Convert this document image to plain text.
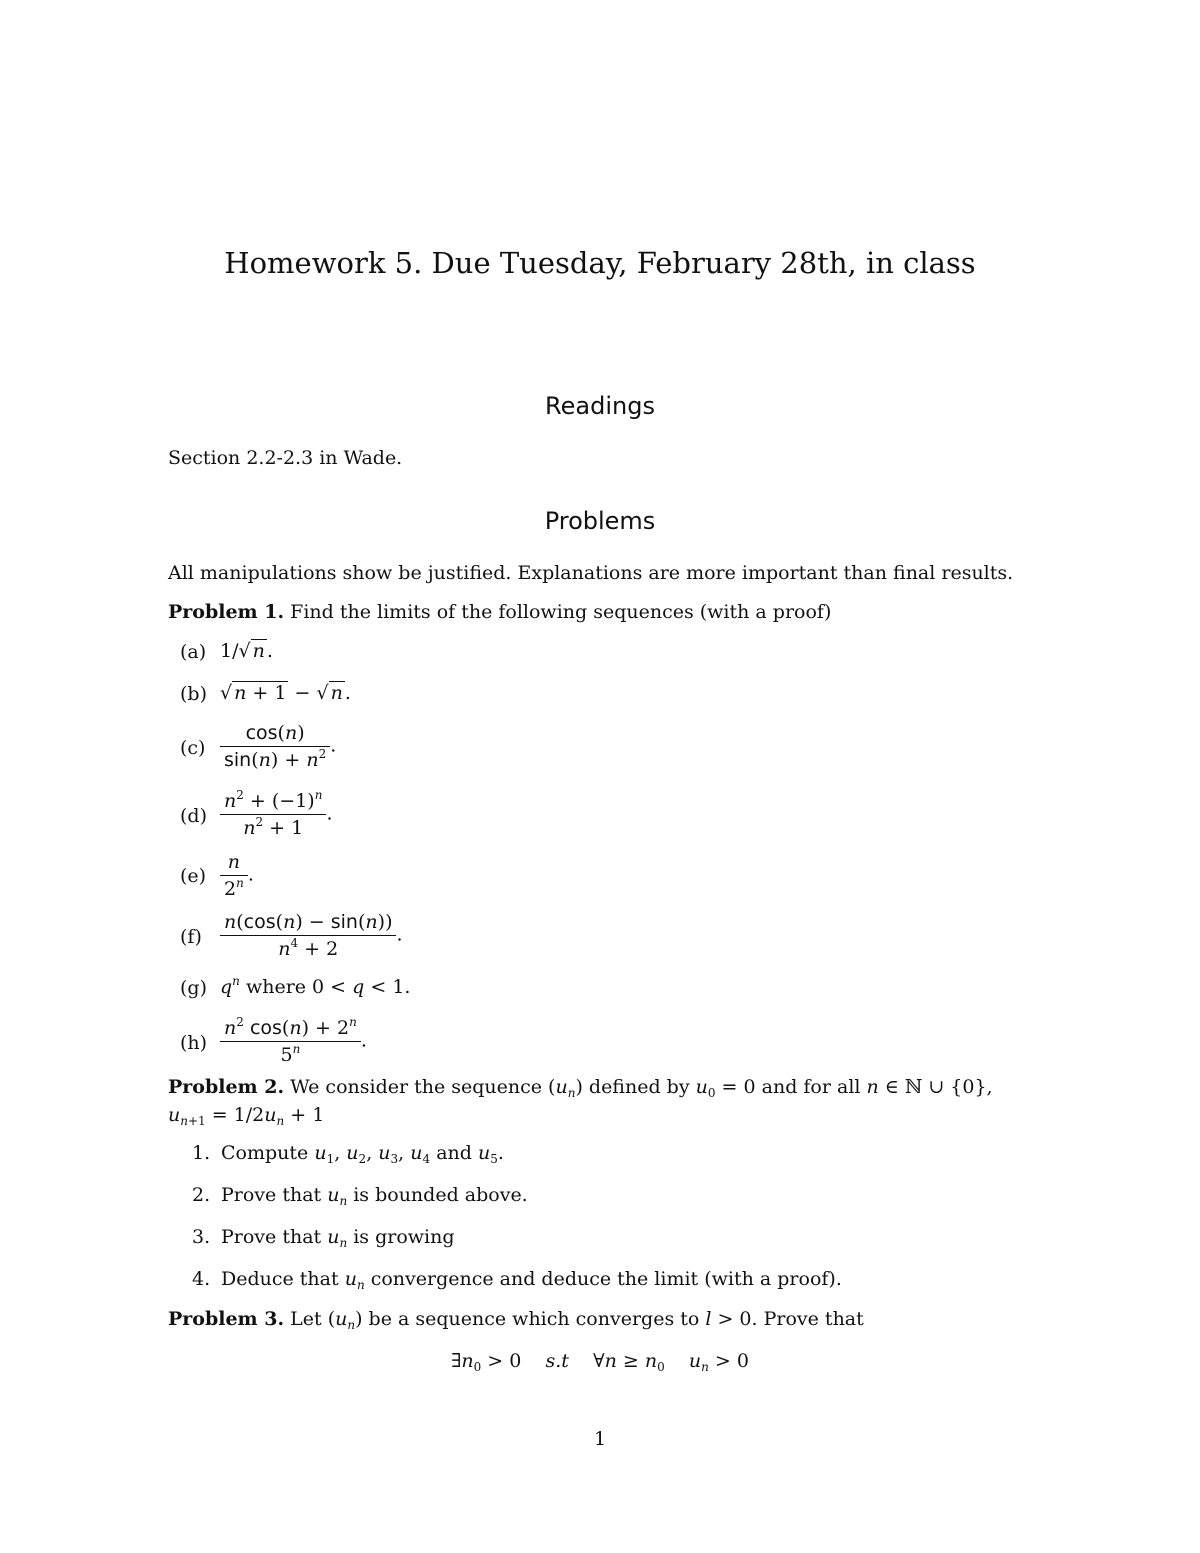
Homework 5. Due Tuesday, February 28th, in class
Readings
Section 2.2-2.3 in Wade.
Problems
All manipulations show be justified. Explanations are more important than final results.
Problem 1. Find the limits of the following sequences (with a proof)
(a) 1/√ n .
(b) √ n + 1 − √ n .
$(c) \frac{\cos(n)}{\sin(n) + n^2}$ .
$(d) \frac{n^2 + (-1)^n}{n^2 + 1}$ .
$(e) \frac{n}{2^n}$ .
$(f) \frac{n(\cos(n) - \sin(n))}{n^4 + 2}$ .
(g) $q^n$ where 0 < q < 1.
$(h) \frac{n^2 \cos(n) + 2^n}{5^n}$ .
Problem 2. We consider the sequence $(u_n)$ defined by $u_0 = 0$ and for all n ∈ ℕ ∪ {0},
$u_{n+1} = 1/2u_n + 1$
1. Compute $u_1$, $u_2$, $u_3$, $u_4$ and $u_5$.
2. Prove that $u_n$ is bounded above.
3. Prove that $u_n$ is growing
4. Deduce that $u_n$ convergence and deduce the limit (with a proof).
Problem 3. Let $(u_n)$ be a sequence which converges to l > 0. Prove that
$\exists n_0 > 0$    s.t    ∀n ≥ $n_0$ $u_n > 0$
1
